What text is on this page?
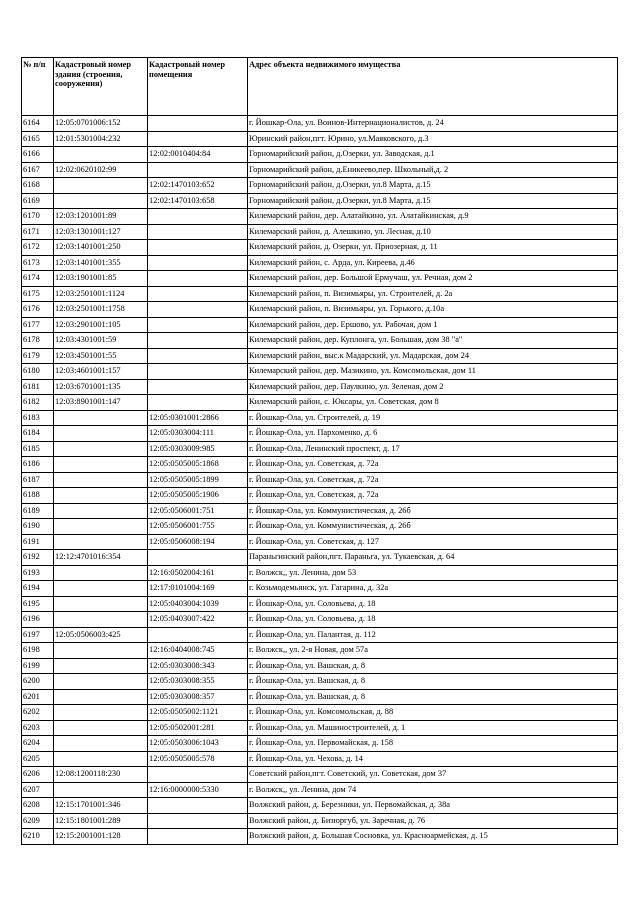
№ п/п	Кадастровый номер здания (строения, сооружения)	Кадастровый номер помещения	Адрес объекта недвижимого имущества
6164	12:05:0701006:152		г. Йошкар-Ола, ул. Воинов-Интернационалистов, д. 24
6165	12:01:5301004:232		Юринский район,пгт. Юрино, ул.Маяковского, д.3
6166		12:02:0010404:84	Горномарийский район, д.Озерки, ул. Заводская, д.1
6167	12:02:0620102:99		Горномарийский район, д.Еникеево,пер. Школьный,д. 2
6168		12:02:1470103:652	Горномарийский район, д.Озерки, ул.8 Марта, д.15
6169		12:02:1470103:658	Горномарийский район, д.Озерки, ул.8 Марта, д.15
6170	12:03:1201001:89		Килемарский район, дер. Алатайкино, ул. Алатайкинская, д.9
6171	12:03:1301001:127		Килемарский район, д. Алешкино, ул. Лесная, д.10
6172	12:03:1401001:250		Килемарский район, д. Озерки, ул. Приозерная, д. 11
6173	12:03:1401001:355		Килемарский район, с. Арда, ул. Киреева, д.46
6174	12:03:1901001:85		Килемарский район, дер. Большой Ермучаш, ул. Речная, дом 2
6175	12:03:2501001:1124		Килемарский район, п. Визимьяры, ул. Строителей, д. 2а
6176	12:03:2501001:1758		Килемарский район, п. Визимьяры, ул. Горького, д.10а
6177	12:03:2901001:105		Килемарский район, дер. Ершово, ул. Рабочая, дом 1
6178	12:03:4301001:59		Килемарский район, дер. Куплонга, ул. Большая, дом 38 "а"
6179	12:03:4501001:55		Килемарский район, выс.к Мадарский, ул. Мадарская, дом 24
6180	12:03:4601001:157		Килемарский район, дер. Мазикино, ул. Комсомольская, дом 11
6181	12:03:6701001:135		Килемарский район, дер. Паулкино, ул. Зеленая, дом 2
6182	12:03:8901001:147		Килемарский район, с. Юксары, ул. Советская, дом 8
6183		12:05:0301001:2866	г. Йошкар-Ола, ул. Строителей, д. 19
6184		12:05:0303004:111	г. Йошкар-Ола, ул. Пархоменко, д. 6
6185		12:05:0303009:985	г. Йошкар-Ола, Ленинский проспект, д. 17
6186		12:05:0505005:1868	г. Йошкар-Ола, ул. Советская, д. 72а
6187		12:05:0505005:1899	г. Йошкар-Ола, ул. Советская, д. 72а
6188		12:05:0505005:1906	г. Йошкар-Ола, ул. Советская, д. 72а
6189		12:05:0506001:751	г. Йошкар-Ола, ул. Коммунистическая, д. 26б
6190		12:05:0506001:755	г. Йошкар-Ола, ул. Коммунистическая, д. 26б
6191		12:05:0506008:194	г. Йошкар-Ола, ул. Советская, д. 127
6192	12:12:4701016:354		Параньгинский район,пгт. Параньга, ул. Тукаевская, д. 64
6193		12:16:0502004:161	г. Волжск,, ул. Ленина, дом 53
6194		12:17:0101004:169	г. Козьмодемьянск, ул. Гагарина, д. 32а
6195		12:05:0403004:1039	г. Йошкар-Ола, ул. Соловьева, д. 18
6196		12:05:0403007:422	г. Йошкар-Ола, ул. Соловьева, д. 18
6197	12:05:0506003:425		г. Йошкар-Ола, ул. Палантая, д. 112
6198		12:16:0404008:745	г. Волжск,, ул. 2-я Новая, дом 57а
6199		12:05:0303008:343	г. Йошкар-Ола, ул. Вашская, д. 8
6200		12:05:0303008:355	г. Йошкар-Ола, ул. Вашская, д. 8
6201		12:05:0303008:357	г. Йошкар-Ола, ул. Вашская, д. 8
6202		12:05:0505002:1121	г. Йошкар-Ола, ул. Комсомольская, д. 88
6203		12:05:0502001:281	г. Йошкар-Ола, ул. Машиностроителей, д. 1
6204		12:05:0503006:1043	г. Йошкар-Ола, ул. Первомайская, д. 158
6205		12:05:0505005:578	г. Йошкар-Ола, ул. Чехова, д. 14
6206	12:08:1200118:230		Советский район,пгт. Советский, ул. Советская, дом 37
6207		12:16:0000000:5330	г. Волжск,, ул. Ленина, дом 74
6208	12:15:1701001:346		Волжский район, д. Березники, ул. Первомайская, д. 38а
6209	12:15:1801001:289		Волжский район, д. Бизюргуб, ул. Заречная, д. 76
6210	12:15:2001001:128		Волжский район, д. Большая Сосновка, ул. Красноармейская, д. 15
